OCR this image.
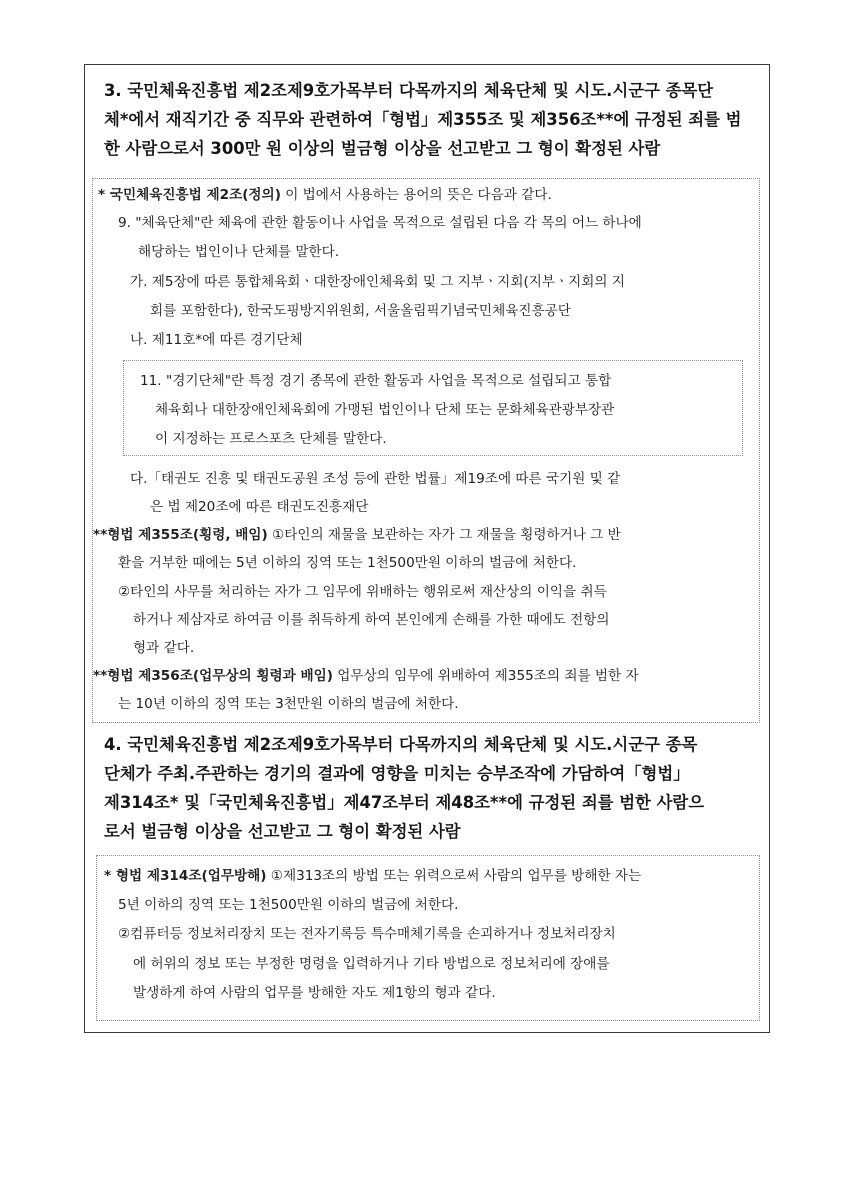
3. 국민체육진흥법 제2조제9호가목부터 다목까지의 체육단체 및 시도.시군구 종목단
체*에서 재직기간 중 직무와 관련하여「형법」제355조 및 제356조**에 규정된 죄를 범
한 사람으로서 300만 원 이상의 벌금형 이상을 선고받고 그 형이 확정된 사람
* 국민체육진흥법 제2조(정의) 이 법에서 사용하는 용어의 뜻은 다음과 같다.
9. "체육단체"란 체육에 관한 활동이나 사업을 목적으로 설립된 다음 각 목의 어느 하나에
해당하는 법인이나 단체를 말한다.
가. 제5장에 따른 통합체육회ㆍ대한장애인체육회 및 그 지부ㆍ지회(지부ㆍ지회의 지
회를 포함한다), 한국도핑방지위원회, 서울올림픽기념국민체육진흥공단
나. 제11호*에 따른 경기단체
11. "경기단체"란 특정 경기 종목에 관한 활동과 사업을 목적으로 설립되고 통합
체육회나 대한장애인체육회에 가맹된 법인이나 단체 또는 문화체육관광부장관
이 지정하는 프로스포츠 단체를 말한다.
다.「태권도 진흥 및 태권도공원 조성 등에 관한 법률」제19조에 따른 국기원 및 같
은 법 제20조에 따른 태권도진흥재단
**형법 제355조(횡령, 배임) ①타인의 재물을 보관하는 자가 그 재물을 횡령하거나 그 반
환을 거부한 때에는 5년 이하의 징역 또는 1천500만원 이하의 벌금에 처한다.
②타인의 사무를 처리하는 자가 그 임무에 위배하는 행위로써 재산상의 이익을 취득
하거나 제삼자로 하여금 이를 취득하게 하여 본인에게 손해를 가한 때에도 전항의
형과 같다.
**형법 제356조(업무상의 횡령과 배임) 업무상의 임무에 위배하여 제355조의 죄를 범한 자
는 10년 이하의 징역 또는 3천만원 이하의 벌금에 처한다.
4. 국민체육진흥법 제2조제9호가목부터 다목까지의 체육단체 및 시도.시군구 종목
단체가 주최.주관하는 경기의 결과에 영향을 미치는 승부조작에 가담하여「형법」
제314조* 및「국민체육진흥법」제47조부터 제48조**에 규정된 죄를 범한 사람으
로서 벌금형 이상을 선고받고 그 형이 확정된 사람
* 형법 제314조(업무방해) ①제313조의 방법 또는 위력으로써 사람의 업무를 방해한 자는
5년 이하의 징역 또는 1천500만원 이하의 벌금에 처한다.
②컴퓨터등 정보처리장치 또는 전자기록등 특수매체기록을 손괴하거나 정보처리장치
에 허위의 정보 또는 부정한 명령을 입력하거나 기타 방법으로 정보처리에 장애를
발생하게 하여 사람의 업무를 방해한 자도 제1항의 형과 같다.
